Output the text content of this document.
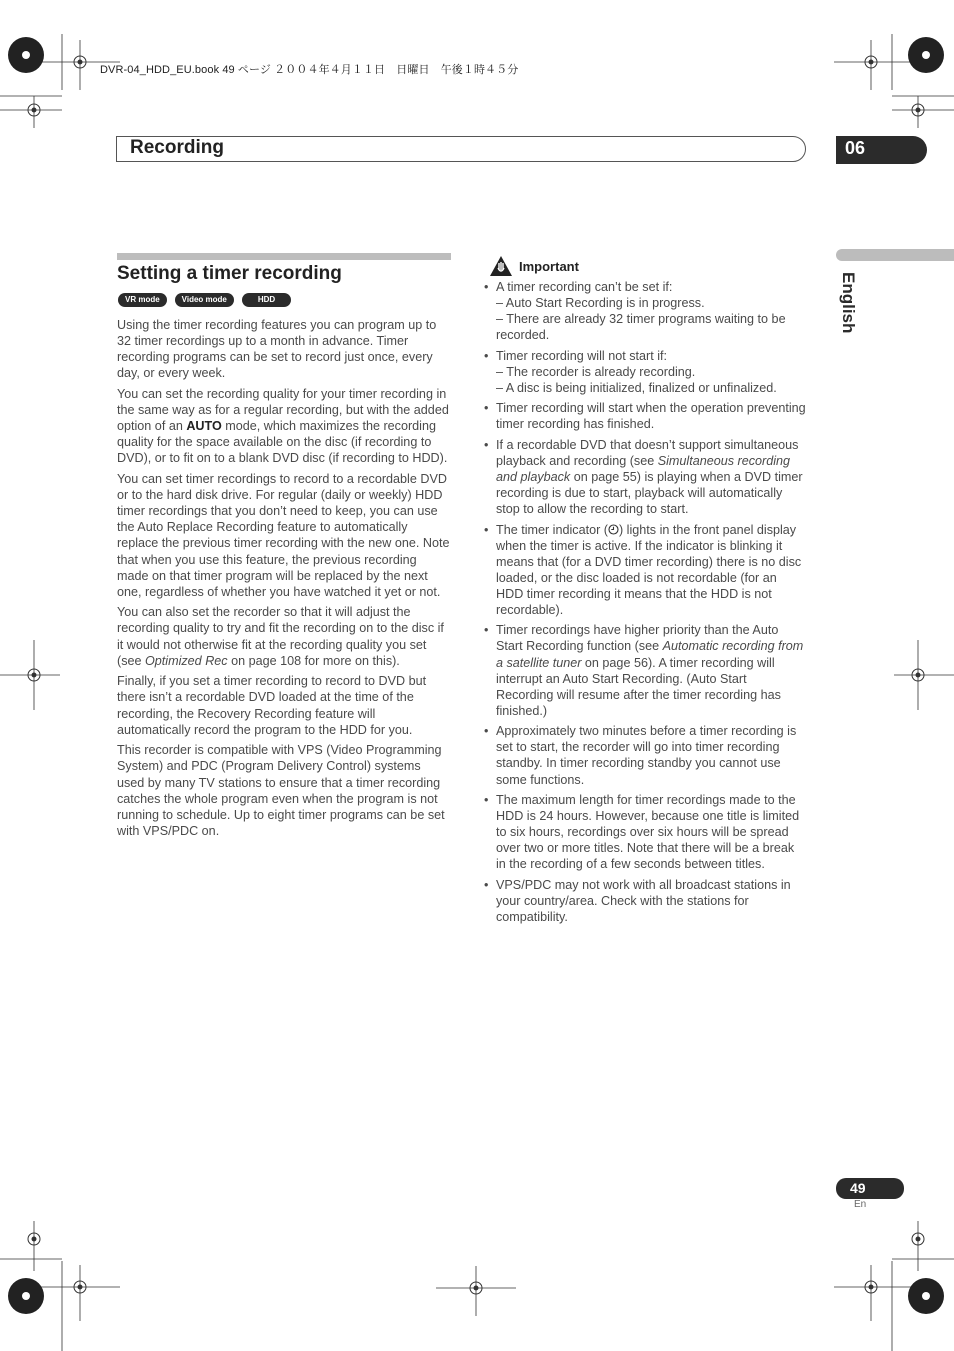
DVR-04_HDD_EU.book 49 ページ ２００４年４月１１日　日曜日　午後１時４５分
Recording	06
English
Setting a timer recording
VR mode	Video mode	HDD

Using the timer recording features you can program up to 32 timer recordings up to a month in advance. Timer recording programs can be set to record just once, every day, or every week.

You can set the recording quality for your timer recording in the same way as for a regular recording, but with the added option of an AUTO mode, which maximizes the recording quality for the space available on the disc (if recording to DVD), or to fit on to a blank DVD disc (if recording to HDD).

You can set timer recordings to record to a recordable DVD or to the hard disk drive. For regular (daily or weekly) HDD timer recordings that you don’t need to keep, you can use the Auto Replace Recording feature to automatically replace the previous timer recording with the new one. Note that when you use this feature, the previous recording made on that timer program will be replaced by the next one, regardless of whether you have watched it yet or not.

You can also set the recorder so that it will adjust the recording quality to try and fit the recording on to the disc if it would not otherwise fit at the recording quality you set (see Optimized Rec on page 108 for more on this).

Finally, if you set a timer recording to record to DVD but there isn’t a recordable DVD loaded at the time of the recording, the Recovery Recording feature will automatically record the program to the HDD for you.

This recorder is compatible with VPS (Video Programming System) and PDC (Program Delivery Control) systems used by many TV stations to ensure that a timer recording catches the whole program even when the program is not running to schedule. Up to eight timer programs can be set with VPS/PDC on.

Important
• A timer recording can’t be set if:
– Auto Start Recording is in progress.
– There are already 32 timer programs waiting to be recorded.
• Timer recording will not start if:
– The recorder is already recording.
– A disc is being initialized, finalized or unfinalized.
• Timer recording will start when the operation preventing timer recording has finished.
• If a recordable DVD that doesn’t support simultaneous playback and recording (see Simultaneous recording and playback on page 55) is playing when a DVD timer recording is due to start, playback will automatically stop to allow the recording to start.
• The timer indicator ( ) lights in the front panel display when the timer is active. If the indicator is blinking it means that (for a DVD timer recording) there is no disc loaded, or the disc loaded is not recordable (for an HDD timer recording it means that the HDD is not recordable).
• Timer recordings have higher priority than the Auto Start Recording function (see Automatic recording from a satellite tuner on page 56). A timer recording will interrupt an Auto Start Recording. (Auto Start Recording will resume after the timer recording has finished.)
• Approximately two minutes before a timer recording is set to start, the recorder will go into timer recording standby. In timer recording standby you cannot use some functions.
• The maximum length for timer recordings made to the HDD is 24 hours. However, because one title is limited to six hours, recordings over six hours will be spread over two or more titles. Note that there will be a break in the recording of a few seconds between titles.
• VPS/PDC may not work with all broadcast stations in your country/area. Check with the stations for compatibility.
49
En
